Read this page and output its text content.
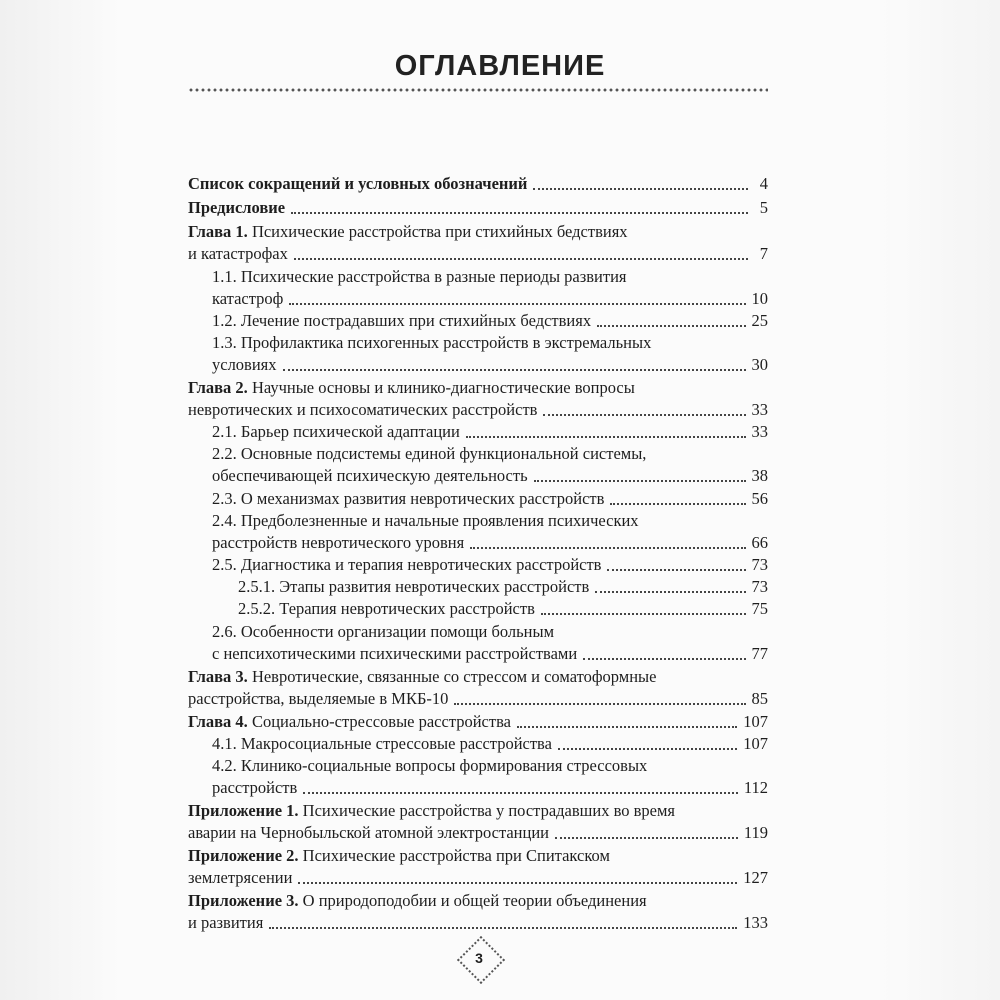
ОГЛАВЛЕНИЕ
Список сокращений и условных обозначений	4
Предисловие	5
Глава 1. Психические расстройства при стихийных бедствиях
и катастрофах	7
1.1. Психические расстройства в разные периоды развития
катастроф	10
1.2. Лечение пострадавших при стихийных бедствиях	25
1.3. Профилактика психогенных расстройств в экстремальных
условиях	30
Глава 2. Научные основы и клинико-диагностические вопросы
невротических и психосоматических расстройств	33
2.1. Барьер психической адаптации	33
2.2. Основные подсистемы единой функциональной системы,
обеспечивающей психическую деятельность	38
2.3. О механизмах развития невротических расстройств	56
2.4. Предболезненные и начальные проявления психических
расстройств невротического уровня	66
2.5. Диагностика и терапия невротических расстройств	73
2.5.1. Этапы развития невротических расстройств	73
2.5.2. Терапия невротических расстройств	75
2.6. Особенности организации помощи больным
с непсихотическими психическими расстройствами	77
Глава 3. Невротические, связанные со стрессом и соматоформные
расстройства, выделяемые в МКБ-10	85
Глава 4. Социально-стрессовые расстройства	107
4.1. Макросоциальные стрессовые расстройства	107
4.2. Клинико-социальные вопросы формирования стрессовых
расстройств	112
Приложение 1. Психические расстройства у пострадавших во время
аварии на Чернобыльской атомной электростанции	119
Приложение 2. Психические расстройства при Спитакском
землетрясении	127
Приложение 3. О природоподобии и общей теории объединения
и развития	133
3
